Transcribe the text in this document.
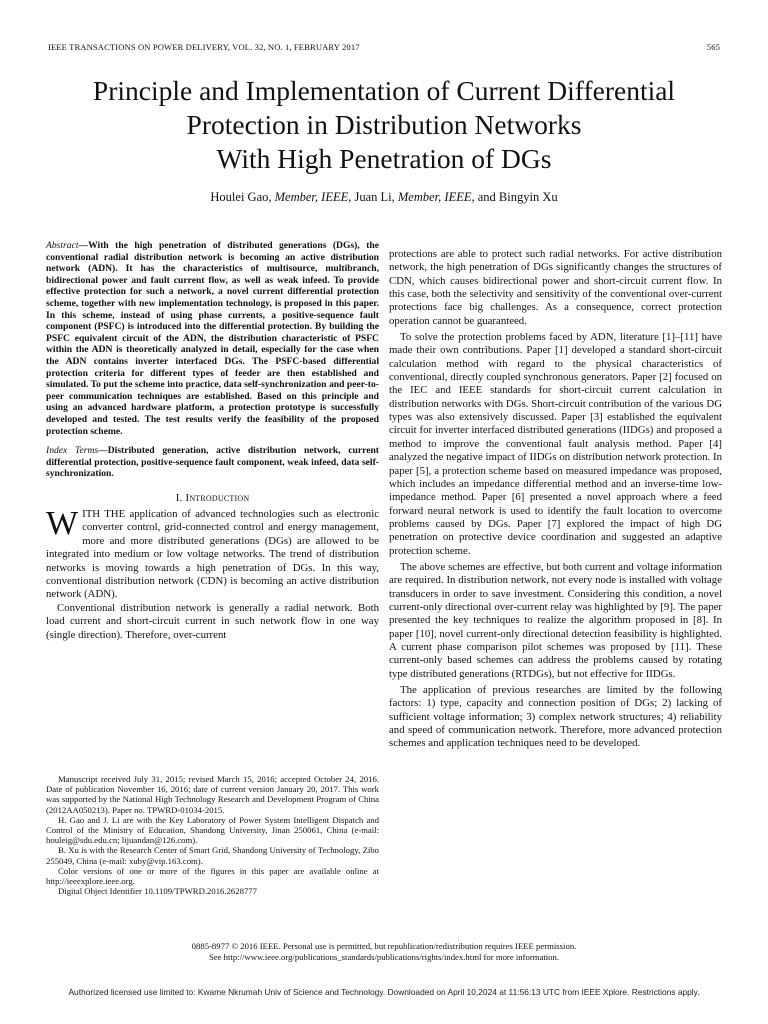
IEEE TRANSACTIONS ON POWER DELIVERY, VOL. 32, NO. 1, FEBRUARY 2017	565
Principle and Implementation of Current Differential
Protection in Distribution Networks
With High Penetration of DGs
Houlei Gao, Member, IEEE, Juan Li, Member, IEEE, and Bingyin Xu
Abstract—With the high penetration of distributed generations (DGs), the conventional radial distribution network is becoming an active distribution network (ADN). It has the characteristics of multisource, multibranch, bidirectional power and fault current flow, as well as weak infeed. To provide effective protection for such a network, a novel current differential protection scheme, together with new implementation technology, is proposed in this paper. In this scheme, instead of using phase currents, a positive-sequence fault component (PSFC) is introduced into the differential protection. By building the PSFC equivalent circuit of the ADN, the distribution characteristic of PSFC within the ADN is theoretically analyzed in detail, especially for the case when the ADN contains inverter interfaced DGs. The PSFC-based differential protection criteria for different types of feeder are then established and simulated. To put the scheme into practice, data self-synchronization and peer-to-peer communication techniques are established. Based on this principle and using an advanced hardware platform, a protection prototype is successfully developed and tested. The test results verify the feasibility of the proposed protection scheme.
Index Terms—Distributed generation, active distribution network, current differential protection, positive-sequence fault component, weak infeed, data self-synchronization.
I. Introduction

WITH THE application of advanced technologies such as electronic converter control, grid-connected control and energy management, more and more distributed generations (DGs) are allowed to be integrated into medium or low voltage networks. The trend of distribution networks is moving towards a high penetration of DGs. In this way, conventional distribution network (CDN) is becoming an active distribution network (ADN).

Conventional distribution network is generally a radial network. Both load current and short-circuit current in such network flow in one way (single direction). Therefore, over-current

Manuscript received July 31, 2015; revised March 15, 2016; accepted October 24, 2016. Date of publication November 16, 2016; date of current version January 20, 2017. This work was supported by the National High Technology Research and Development Program of China (2012AA050213). Paper no. TPWRD-01034-2015.

H. Gao and J. Li are with the Key Laboratory of Power System Intelligent Dispatch and Control of the Ministry of Education, Shandong University, Jinan 250061, China (e-mail: houleig@sdu.edu.cn; lijuandan@126.com).

B. Xu is with the Research Center of Smart Grid, Shandong University of Technology, Zibo 255049, China (e-mail: xuby@vip.163.com).

Color versions of one or more of the figures in this paper are available online at http://ieeexplore.ieee.org.

Digital Object Identifier 10.1109/TPWRD.2016.2628777

protections are able to protect such radial networks. For active distribution network, the high penetration of DGs significantly changes the structures of CDN, which causes bidirectional power and short-circuit current flow. In this case, both the selectivity and sensitivity of the conventional over-current protections face big challenges. As a consequence, correct protection operation cannot be guaranteed.

To solve the protection problems faced by ADN, literature [1]–[11] have made their own contributions. Paper [1] developed a standard short-circuit calculation method with regard to the physical characteristics of conventional, directly coupled synchronous generators. Paper [2] focused on the IEC and IEEE standards for short-circuit current calculation in distribution networks with DGs. Short-circuit contribution of the various DG types was also extensively discussed. Paper [3] established the equivalent circuit for inverter interfaced distributed generations (IIDGs) and proposed a method to improve the conventional fault analysis method. Paper [4] analyzed the negative impact of IIDGs on distribution network protection. In paper [5], a protection scheme based on measured impedance was proposed, which includes an impedance differential method and an inverse-time low-impedance method. Paper [6] presented a novel approach where a feed forward neural network is used to identify the fault location to overcome problems caused by DGs. Paper [7] explored the impact of high DG penetration on protective device coordination and suggested an adaptive protection scheme.

The above schemes are effective, but both current and voltage information are required. In distribution network, not every node is installed with voltage transducers in order to save investment. Considering this condition, a novel current-only directional over-current relay was highlighted by [9]. The paper presented the key techniques to realize the algorithm proposed in [8]. In paper [10], novel current-only directional detection feasibility is highlighted. A current phase comparison pilot schemes was proposed by [11]. These current-only based schemes can address the problems caused by rotating type distributed generations (RTDGs), but not effective for IIDGs.

The application of previous researches are limited by the following factors: 1) type, capacity and connection position of DGs; 2) lacking of sufficient voltage information; 3) complex network structures; 4) reliability and speed of communication network. Therefore, more advanced protection schemes and application techniques need to be developed.

0885-8977 © 2016 IEEE. Personal use is permitted, but republication/redistribution requires IEEE permission.
See http://www.ieee.org/publications_standards/publications/rights/index.html for more information.
Authorized licensed use limited to: Kwame Nkrumah Univ of Science and Technology. Downloaded on April 10,2024 at 11:56:13 UTC from IEEE Xplore. Restrictions apply.
